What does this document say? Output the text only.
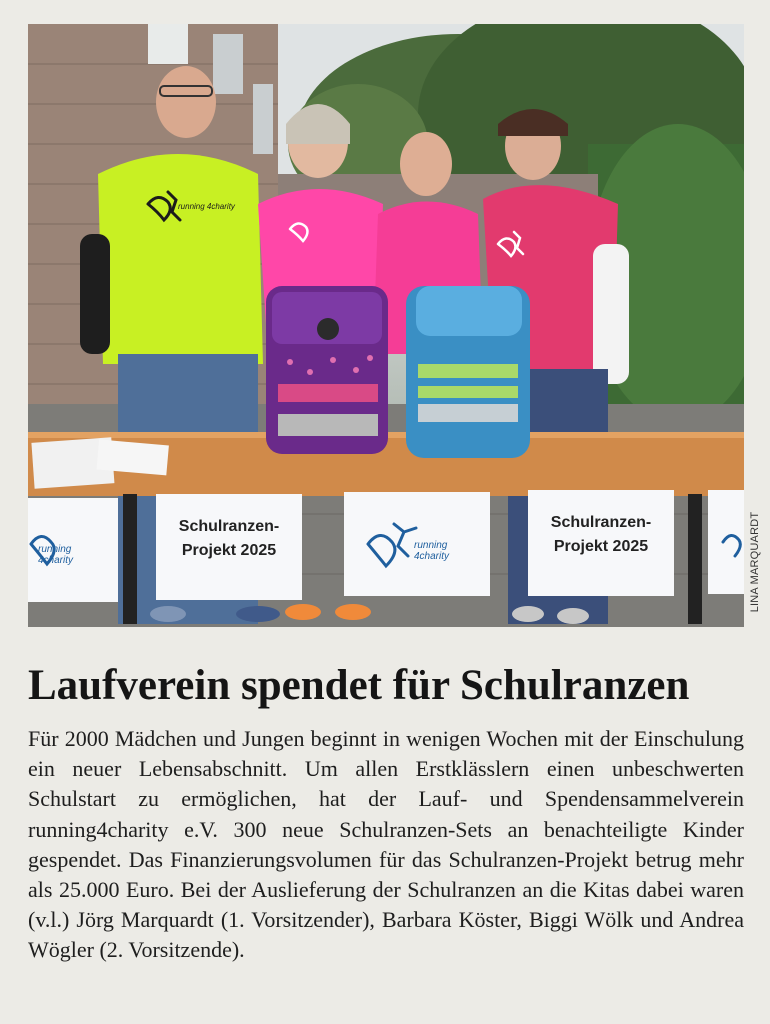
running
4charity
Schulranzen-
Projekt 2025	running
4charity
Schulranzen-
Projekt 2025
running 4charity
LINA MARQUARDT
Laufverein spendet für Schulranzen

Für 2000 Mädchen und Jungen beginnt in wenigen Wochen mit der Einschulung ein neuer Lebensabschnitt. Um allen Erstklässlern einen unbeschwerten Schulstart zu ermöglichen, hat der Lauf- und Spendensammelverein running4charity e.V. 300 neue Schulranzen-Sets an benachteiligte Kinder gespendet. Das Finanzierungsvolumen für das Schulranzen-Projekt betrug mehr als 25.000 Euro. Bei der Auslieferung der Schulranzen an die Kitas dabei waren (v.l.) Jörg Marquardt (1. Vorsitzender), Barbara Köster, Biggi Wölk und Andrea Wögler (2. Vorsitzende).
